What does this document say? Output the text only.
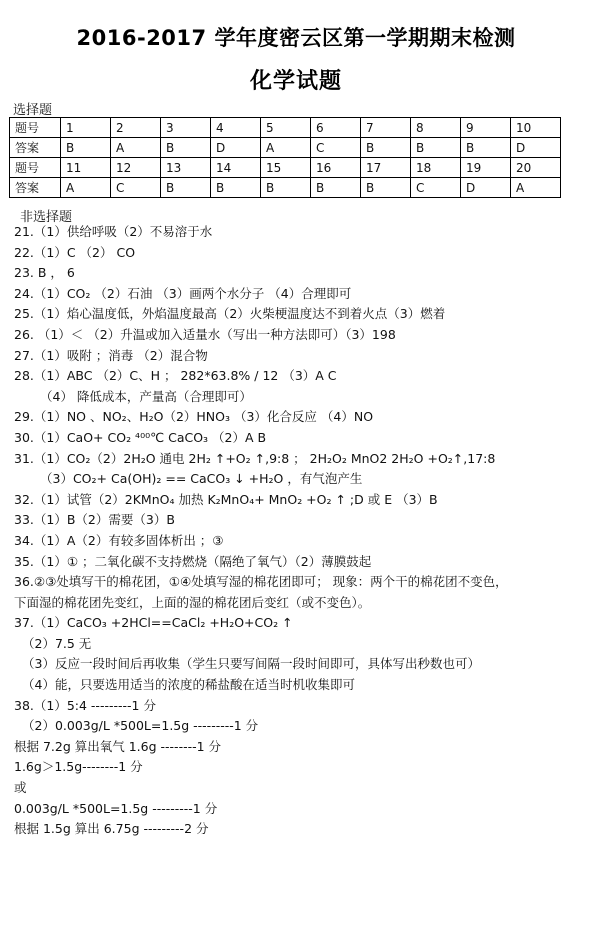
2016-2017 学年度密云区第一学期期末检测
化学试题
选择题
题号	1	2	3	4	5	6	7	8	9	10
答案	B	A	B	D	A	C	B	B	B	D
题号	11	12	13	14	15	16	17	18	19	20
答案	A	C	B	B	B	B	B	C	D	A
非选择题
21.（1）供给呼吸（2）不易溶于水
22.（1）C （2） CO
23. B ， 6
24.（1）CO₂ （2）石油 （3）画两个水分子 （4）合理即可
25.（1）焰心温度低，外焰温度最高（2）火柴梗温度达不到着火点（3）燃着
26. （1）＜ （2）升温或加入适量水（写出一种方法即可）（3）198
27.（1）吸附 ；消毒 （2）混合物
28.（1）ABC （2）C、H ； 282*63.8% / 12 （3）A C
（4） 降低成本，产量高（合理即可）
29.（1）NO 、NO₂、H₂O（2）HNO₃ （3）化合反应 （4）NO
30.（1）CaO+ CO₂ ⁴⁰⁰℃ CaCO₃ （2）A B
31.（1）CO₂（2）2H₂O 通电 2H₂ ↑+O₂ ↑,9:8 ； 2H₂O₂ MnO2 2H₂O +O₂↑,17:8
（3）CO₂+ Ca(OH)₂ == CaCO₃ ↓ +H₂O ，有气泡产生
32.（1）试管（2）2KMnO₄ 加热 K₂MnO₄+ MnO₂ +O₂ ↑ ;D 或 E （3）B
33.（1）B（2）需要（3）B
34.（1）A（2）有较多固体析出 ；③
35.（1）① ；二氧化碳不支持燃烧（隔绝了氧气）（2）薄膜鼓起
36.②③处填写干的棉花团，①④处填写湿的棉花团即可； 现象：两个干的棉花团不变色，
下面湿的棉花团先变红，上面的湿的棉花团后变红（或不变色）。
37.（1）CaCO₃ +2HCl==CaCl₂ +H₂O+CO₂ ↑
（2）7.5 无
（3）反应一段时间后再收集（学生只要写间隔一段时间即可，具体写出秒数也可）
（4）能，只要选用适当的浓度的稀盐酸在适当时机收集即可
38.（1）5:4 ---------1 分
（2）0.003g/L *500L=1.5g ---------1 分
根据 7.2g 算出氧气 1.6g --------1 分
1.6g＞1.5g--------1 分
或
0.003g/L *500L=1.5g ---------1 分
根据 1.5g 算出 6.75g ---------2 分
